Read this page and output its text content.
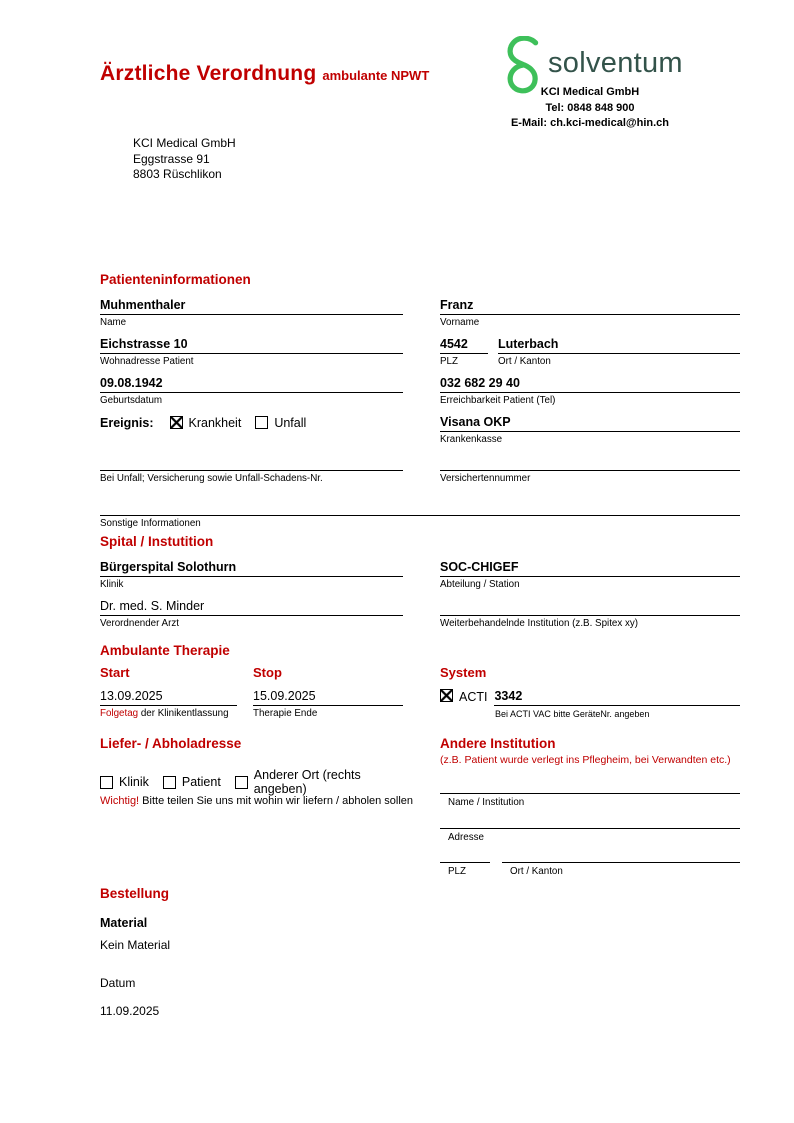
Ärztliche Verordnung ambulante NPWT	solventum
KCI Medical GmbH
Tel: 0848 848 900
E-Mail: ch.kci-medical@hin.ch
KCI Medical GmbH
Eggstrasse 91
8803 Rüschlikon
Patienteninformationen
Muhmenthaler
Name
Franz
Vorname
Eichstrasse 10
Wohnadresse Patient
4542
PLZ
Luterbach
Ort / Kanton
09.08.1942
Geburtsdatum
032 682 29 40
Erreichbarkeit Patient (Tel)
Ereignis:	Krankheit	Unfall	Visana OKP
Krankenkasse
Bei Unfall; Versicherung sowie Unfall-Schadens-Nr.	Versichertennummer
Sonstige Informationen
Spital / Instutition
Bürgerspital Solothurn
Klinik
SOC-CHIGEF
Abteilung / Station
Dr. med. S. Minder
Verordnender Arzt	Weiterbehandelnde Institution (z.B. Spitex xy)
Ambulante Therapie
Start
13.09.2025
Folgetag der Klinikentlassung
Stop
15.09.2025
Therapie Ende
System
ACTI 3342
Bei ACTI VAC bitte GeräteNr. angeben
Liefer- / Abholadresse
Klinik	Patient	Anderer Ort (rechts angeben)
Wichtig! Bitte teilen Sie uns mit wohin wir liefern / abholen sollen
Andere Institution
(z.B. Patient wurde verlegt ins Pflegheim, bei Verwandten etc.)
Name / Institution
Adresse
PLZ	Ort / Kanton
Bestellung
Material
Kein Material
Datum
11.09.2025
